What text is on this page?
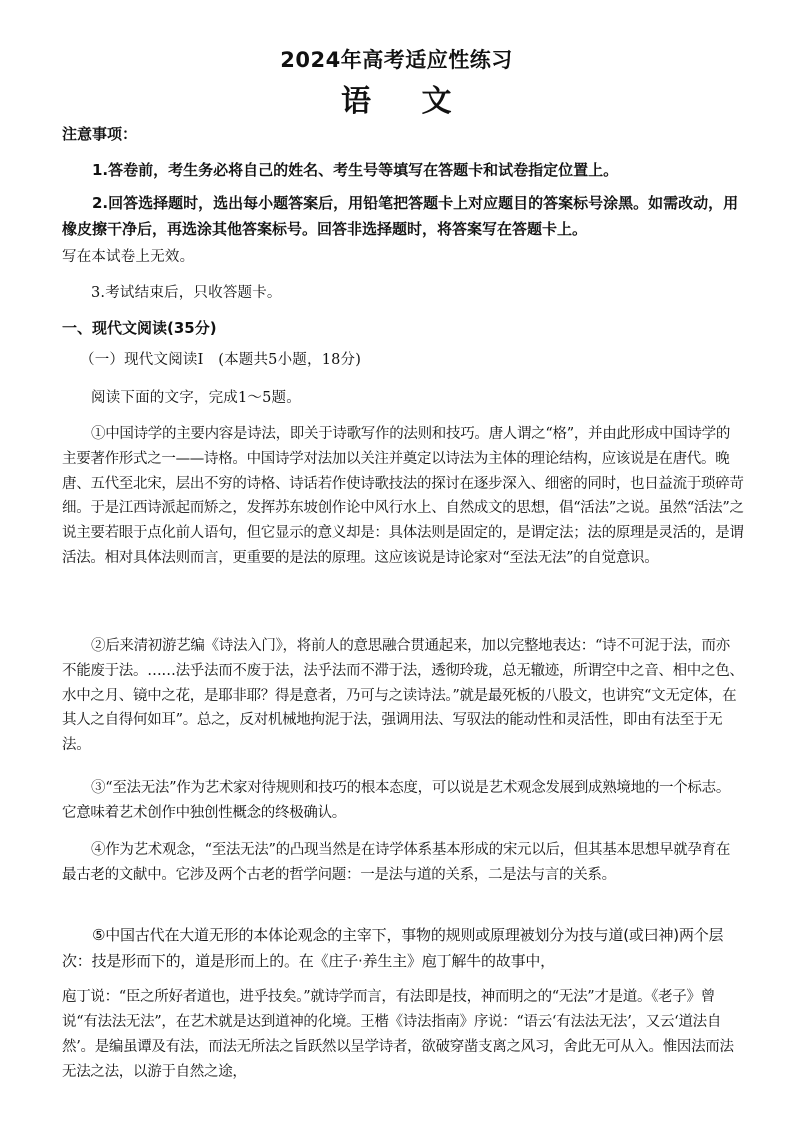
2024年高考适应性练习
语 文

注意事项：

1.答卷前，考生务必将自己的姓名、考生号等填写在答题卡和试卷指定位置上。

2.回答选择题时，选出每小题答案后，用铅笔把答题卡上对应题目的答案标号涂黑。如需改动，用橡皮擦干净后，再选涂其他答案标号。回答非选择题时，将答案写在答题卡上。

写在本试卷上无效。

3.考试结束后，只收答题卡。

一、现代文阅读(35分)

（一）现代文阅读Ⅰ　(本题共5小题，18分)

阅读下面的文字，完成1～5题。

①中国诗学的主要内容是诗法，即关于诗歌写作的法则和技巧。唐人谓之“格”，并由此形成中国诗学的主要著作形式之一——诗格。中国诗学对法加以关注并奠定以诗法为主体的理论结构，应该说是在唐代。晚唐、五代至北宋，层出不穷的诗格、诗话若作使诗歌技法的探讨在逐步深入、细密的同时，也日益流于琐碎苛细。于是江西诗派起而矫之，发挥苏东坡创作论中风行水上、自然成文的思想，倡“活法”之说。虽然“活法”之说主要若眼于点化前人语句，但它显示的意义却是：具体法则是固定的，是谓定法；法的原理是灵活的，是谓活法。相对具体法则而言，更重要的是法的原理。这应该说是诗论家对“至法无法”的自觉意识。

②后来清初游艺编《诗法入门》，将前人的意思融合贯通起来，加以完整地表达：“诗不可泥于法，而亦不能废于法。……法乎法而不废于法，法乎法而不滞于法，透彻玲珑，总无辙迹，所谓空中之音、相中之色、水中之月、镜中之花，是耶非耶？得是意者，乃可与之读诗法。”就是最死板的八股文，也讲究“文无定体，在其人之自得何如耳”。总之，反对机械地拘泥于法，强调用法、写驭法的能动性和灵活性，即由有法至于无法。

③“至法无法”作为艺术家对待规则和技巧的根本态度，可以说是艺术观念发展到成熟境地的一个标志。它意味着艺术创作中独创性概念的终极确认。

④作为艺术观念，“至法无法”的凸现当然是在诗学体系基本形成的宋元以后，但其基本思想早就孕育在最古老的文献中。它涉及两个古老的哲学问题：一是法与道的关系，二是法与言的关系。

⑤中国古代在大道无形的本体论观念的主宰下，事物的规则或原理被划分为技与道(或曰神)两个层次：技是形而下的，道是形而上的。在《庄子·养生主》庖丁解牛的故事中，

庖丁说：“臣之所好者道也，进乎技矣。”就诗学而言，有法即是技，神而明之的“无法”才是道。《老子》曾说“有法法无法”，在艺术就是达到道神的化境。王楷《诗法指南》序说：“语云‘有法法无法’，又云‘道法自然’。是编虽谭及有法，而法无所法之旨跃然以呈学诗者，欲破穿凿支离之风习，舍此无可从入。惟因法而法无法之法，以游于自然之途，
